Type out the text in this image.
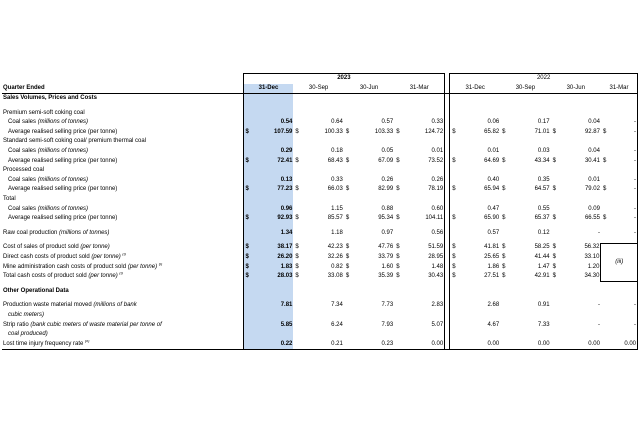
	2023									2022							
Quarter Ended	31-Dec		30-Sep		30-Jun		31-Mar			31-Dec		30-Sep		30-Jun		31-Mar	
Sales Volumes, Prices and Costs																	

Premium semi-soft coking coal																	
Coal sales (millions of tonnes)		0.54		0.64		0.57		0.33			0.06		0.17		0.04		-
Average realised selling price (per tonne)	$	107.59	$	100.33	$	103.33	$	124.72		$	65.82	$	71.01	$	92.87	$	-
Standard semi-soft coking coal/ premium thermal coal																	
Coal sales (millions of tonnes)		0.29		0.18		0.05		0.01			0.01		0.03		0.04		-
Average realised selling price (per tonne)	$	72.41	$	68.43	$	67.09	$	73.52		$	64.69	$	43.34	$	30.41	$	-
Processed coal																	
Coal sales (millions of tonnes)		0.13		0.33		0.26		0.26			0.40		0.35		0.01		-
Average realised selling price (per tonne)	$	77.23	$	66.03	$	82.99	$	78.19		$	65.94	$	64.57	$	79.02	$	-
Total																	
Coal sales (millions of tonnes)		0.96		1.15		0.88		0.60			0.47		0.55		0.09		-
Average realised selling price (per tonne)	$	92.93	$	85.57	$	95.34	$	104.11		$	65.90	$	65.37	$	66.55	$	-

Raw coal production (millions of tonnes)		1.34		1.18		0.97		0.56			0.57		0.12		-		-

Cost of sales of product sold (per tonne)	$	38.17	$	42.23	$	47.76	$	51.59		$	41.81	$	58.25	$	56.32	(iii)	
Direct cash costs of product sold (per tonne) $^{(i)}$	$	26.20	$	32.26	$	33.79	$	28.95		$	25.65	$	41.44	$	33.10		
Mine administration cash costs of product sold (per tonne) $^{(i)}$	$	1.83	$	0.82	$	1.60	$	1.48		$	1.86	$	1.47	$	1.20		
Total cash costs of product sold (per tonne) $^{(i)}$	$	28.03	$	33.08	$	35.39	$	30.43		$	27.51	$	42.91	$	34.30		

Other Operational Data																	

Production waste material moved (millions of bank		7.81		7.34		7.73		2.83			2.68		0.91		-		-
cubic meters)																	
Strip ratio (bank cubic meters of waste material per tonne of		5.85		6.24		7.93		5.07			4.67		7.33		-		-
coal produced)																	
Lost time injury frequency rate $^{(ii)}$		0.22		0.21		0.23		0.00			0.00		0.00		0.00		0.00
